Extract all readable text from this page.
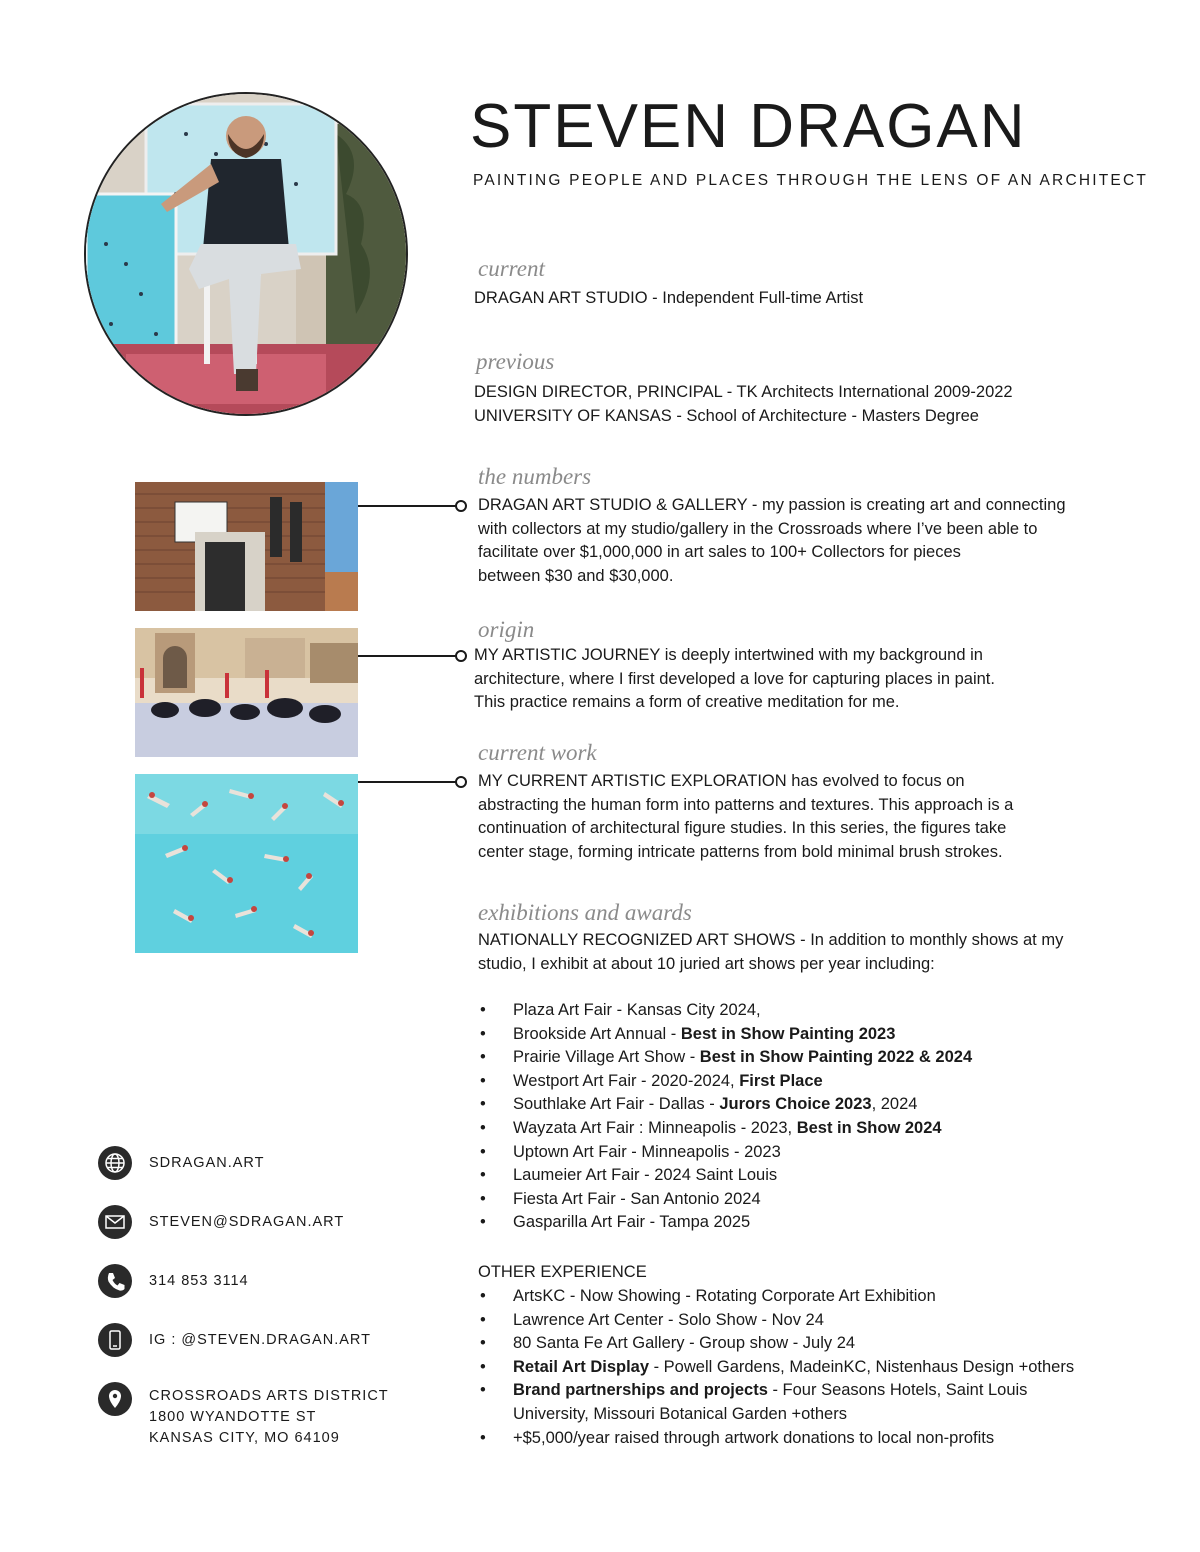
STEVEN DRAGAN
PAINTING PEOPLE AND PLACES THROUGH THE LENS OF AN ARCHITECT
current
DRAGAN ART STUDIO - Independent Full-time Artist
previous

DESIGN DIRECTOR, PRINCIPAL - TK Architects International 2009-2022

UNIVERSITY OF KANSAS - School of Architecture - Masters Degree

the numbers

DRAGAN ART STUDIO & GALLERY - my passion is creating art and connecting

with collectors at my studio/gallery in the Crossroads where I’ve been able to

facilitate over $1,000,000 in art sales to 100+ Collectors for pieces

between $30 and $30,000.

origin

MY ARTISTIC JOURNEY is deeply intertwined with my background in

architecture, where I first developed a love for capturing places in paint.

This practice remains a form of creative meditation for me.

current work

MY CURRENT ARTISTIC EXPLORATION has evolved to focus on

abstracting the human form into patterns and textures. This approach is a

continuation of architectural figure studies. In this series, the figures take

center stage, forming intricate patterns from bold minimal brush strokes.

exhibitions and awards

NATIONALLY RECOGNIZED ART SHOWS - In addition to monthly shows at my

studio, I exhibit at about 10 juried art shows per year including:

• Plaza Art Fair - Kansas City 2024,
• Brookside Art Annual - Best in Show Painting 2023
• Prairie Village Art Show - Best in Show Painting 2022 & 2024
• Westport Art Fair - 2020-2024, First Place
• Southlake Art Fair - Dallas - Jurors Choice 2023, 2024
• Wayzata Art Fair : Minneapolis - 2023, Best in Show 2024
• Uptown Art Fair - Minneapolis - 2023
• Laumeier Art Fair - 2024 Saint Louis
• Fiesta Art Fair - San Antonio 2024
• Gasparilla Art Fair - Tampa 2025
OTHER EXPERIENCE
• ArtsKC - Now Showing - Rotating Corporate Art Exhibition
• Lawrence Art Center - Solo Show - Nov 24
• 80 Santa Fe Art Gallery - Group show - July 24
• Retail Art Display - Powell Gardens, MadeinKC, Nistenhaus Design +others
• Brand partnerships and projects - Four Seasons Hotels, Saint Louis
University, Missouri Botanical Garden +others
• +$5,000/year raised through artwork donations to local non-profits
SDRAGAN.ART
STEVEN@SDRAGAN.ART
314 853 3114
IG : @STEVEN.DRAGAN.ART
CROSSROADS ARTS DISTRICT
1800 WYANDOTTE ST
KANSAS CITY, MO 64109
